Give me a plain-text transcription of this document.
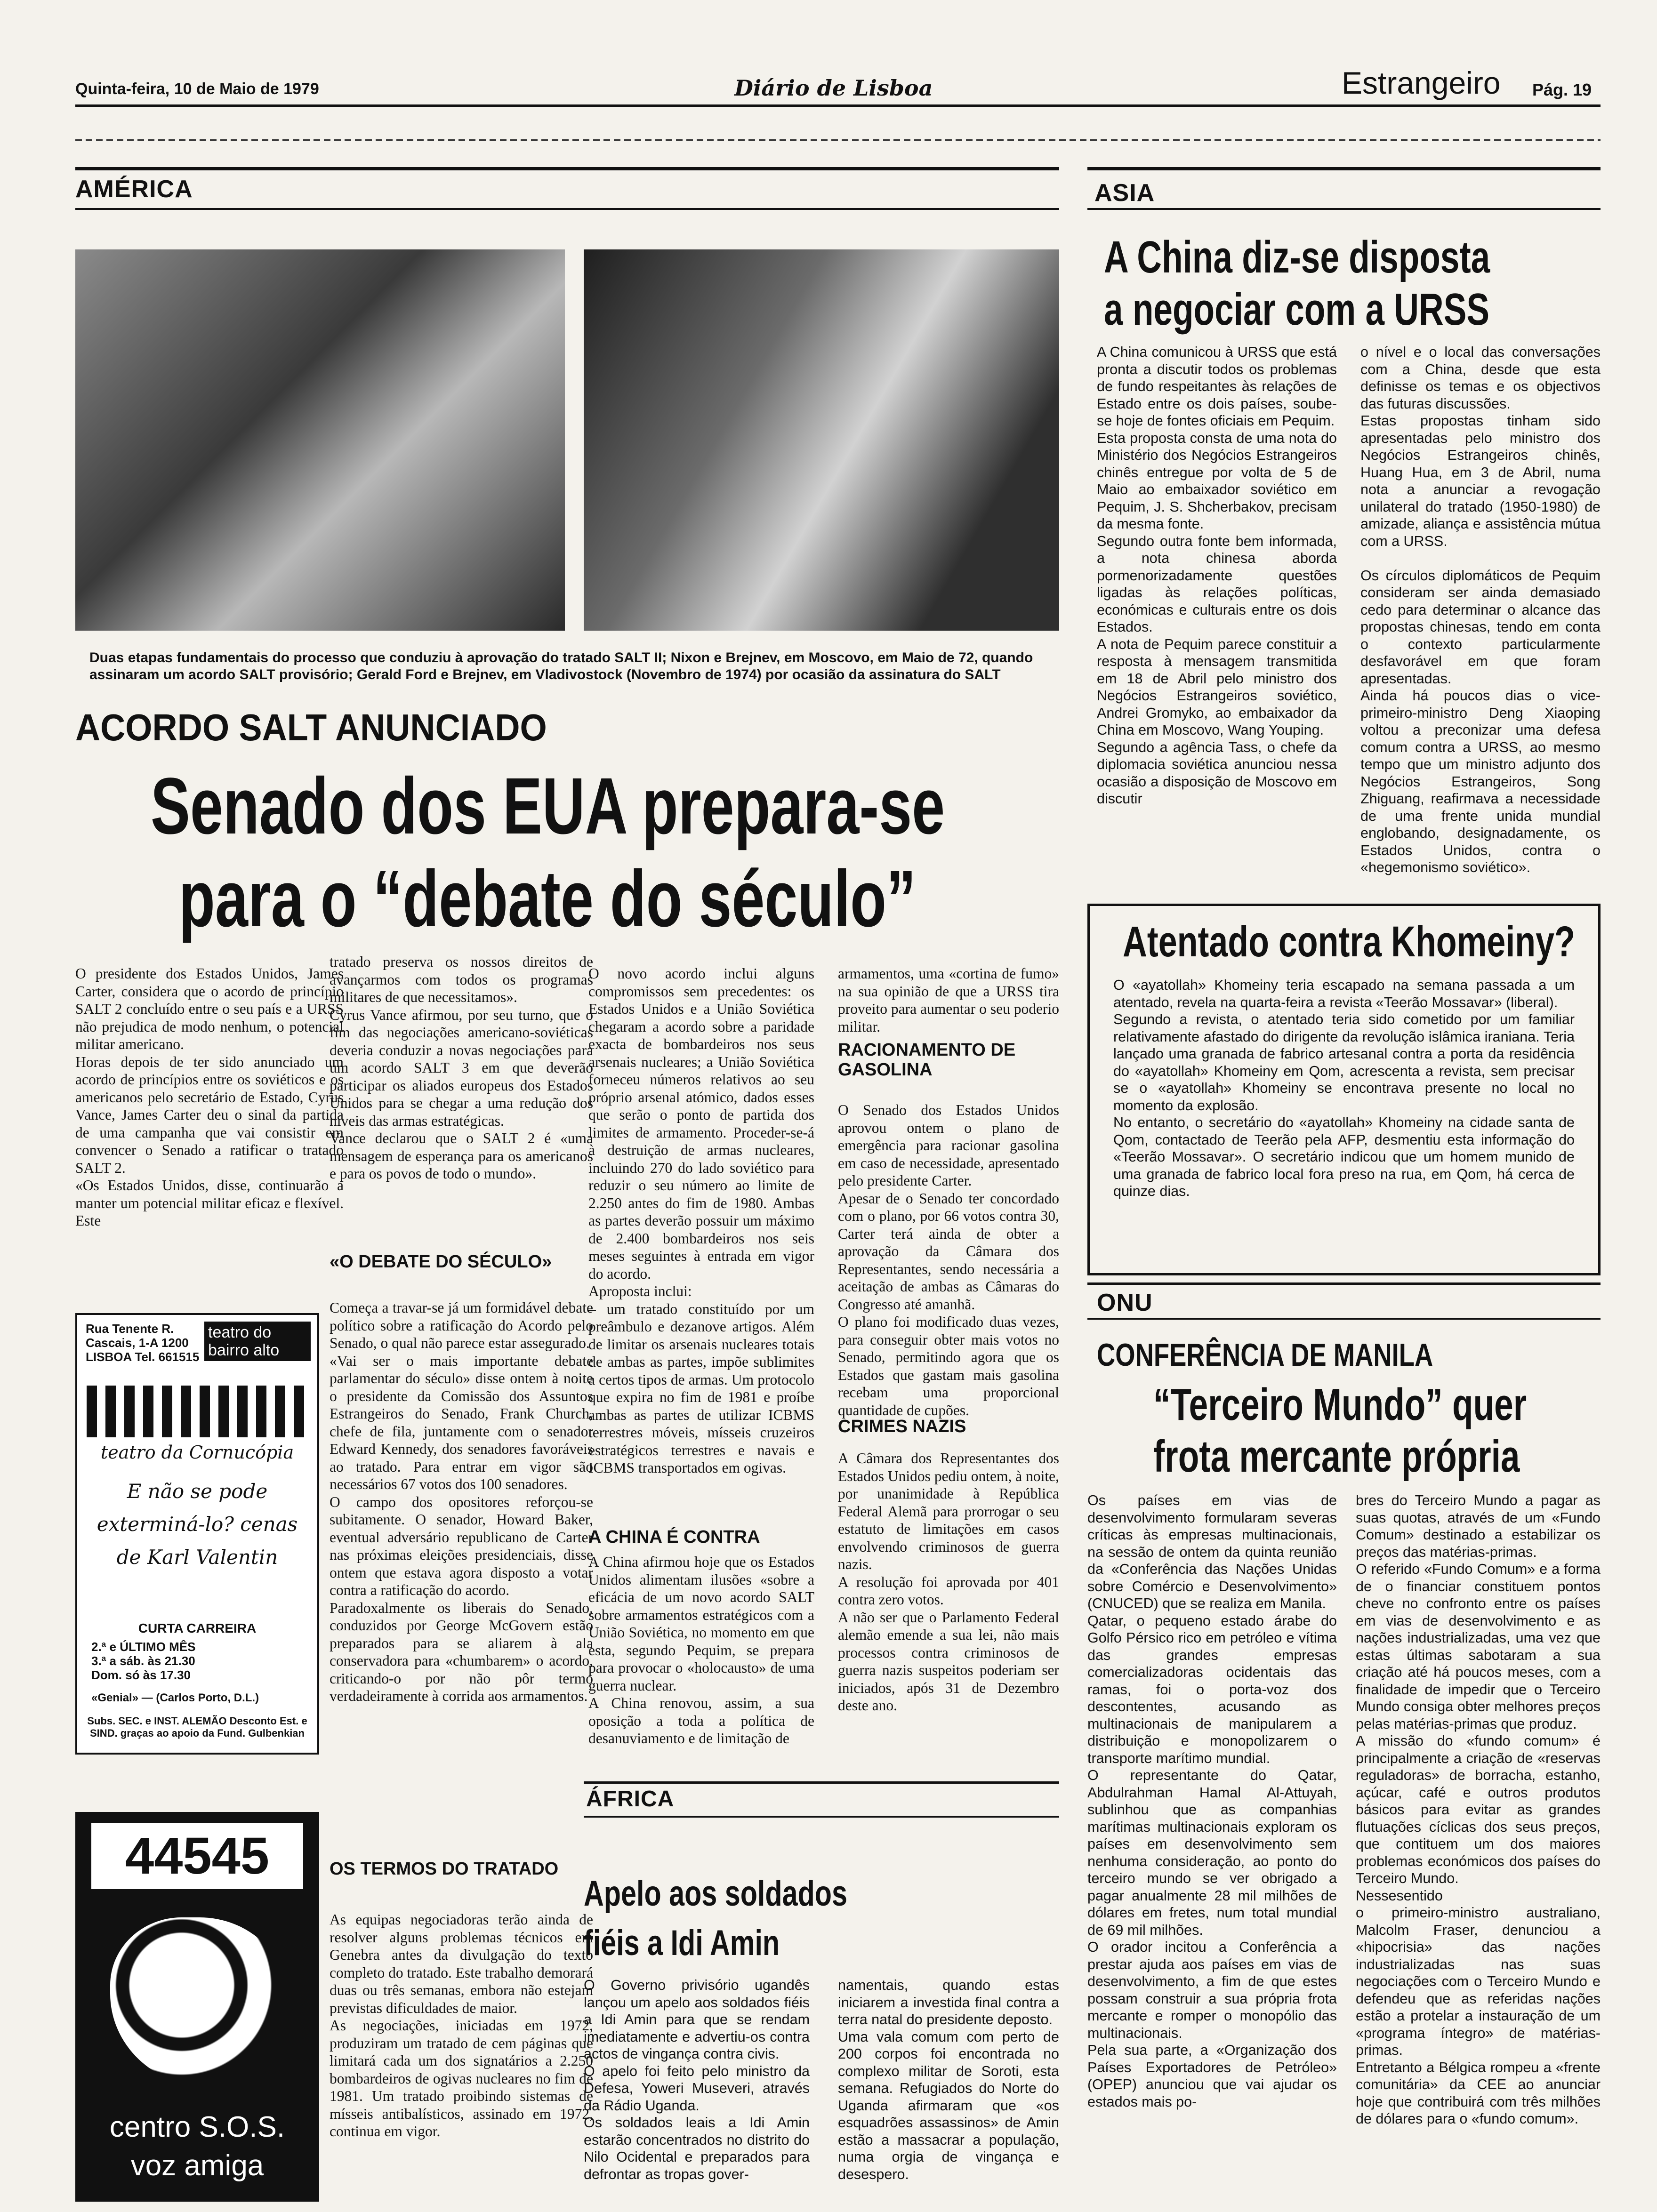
Quinta-feira, 10 de Maio de 1979	Diário de Lisboa	Estrangeiro Pág. 19
AMÉRICA
Duas etapas fundamentais do processo que conduziu à aprovação do tratado SALT II; Nixon e Brejnev, em Moscovo, em Maio de 72, quando assinaram um acordo SALT provisório; Gerald Ford e Brejnev, em Vladivostock (Novembro de 1974) por ocasião da assinatura do SALT
ACORDO SALT ANUNCIADO
Senado dos EUA prepara-se
para o “debate do século”
O presidente dos Estados Unidos, James Carter, considera que o acordo de princípio SALT 2 concluído entre o seu país e a URSS não prejudica de modo nenhum, o potencial militar americano.
Horas depois de ter sido anunciado um acordo de princípios entre os soviéticos e os americanos pelo secretário de Estado, Cyrus Vance, James Carter deu o sinal da partida de uma campanha que vai consistir em convencer o Senado a ratificar o tratado SALT 2.
«Os Estados Unidos, disse, continuarão a manter um potencial militar eficaz e flexível. Este
tratado preserva os nossos direitos de avançarmos com todos os programas militares de que necessitamos».
Cyrus Vance afirmou, por seu turno, que o fim das negociações americano-soviéticas deveria conduzir a novas negociações para um acordo SALT 3 em que deverão participar os aliados europeus dos Estados Unidos para se chegar a uma redução dos níveis das armas estratégicas.
Vance declarou que o SALT 2 é «uma mensagem de esperança para os americanos e para os povos de todo o mundo».
«O DEBATE DO SÉCULO»
Começa a travar-se já um formidável debate político sobre a ratificação do Acordo pelo Senado, o qual não parece estar assegurado.
«Vai ser o mais importante debate parlamentar do século» disse ontem à noite o presidente da Comissão dos Assuntos Estrangeiros do Senado, Frank Church, chefe de fila, juntamente com o senador Edward Kennedy, dos senadores favoráveis ao tratado. Para entrar em vigor são necessários 67 votos dos 100 senadores.
O campo dos opositores reforçou-se subitamente. O senador, Howard Baker, eventual adversário republicano de Carter nas próximas eleições presidenciais, disse ontem que estava agora disposto a votar contra a ratificação do acordo.
Paradoxalmente os liberais do Senado, conduzidos por George McGovern estão preparados para se aliarem à ala conservadora para «chumbarem» o acordo, criticando-o por não pôr termo verdadeiramente à corrida aos armamentos.
OS TERMOS DO TRATADO
As equipas negociadoras terão ainda de resolver alguns problemas técnicos em Genebra antes da divulgação do texto completo do tratado. Este trabalho demorará duas ou três semanas, embora não estejam previstas dificuldades de maior.
As negociações, iniciadas em 1972, produziram um tratado de cem páginas que limitará cada um dos signatários a 2.250 bombardeiros de ogivas nucleares no fim de 1981. Um tratado proibindo sistemas de mísseis antibalísticos, assinado em 1972, continua em vigor.
O novo acordo inclui alguns compromissos sem precedentes: os Estados Unidos e a União Soviética chegaram a acordo sobre a paridade exacta de bombardeiros nos seus arsenais nucleares; a União Soviética forneceu números relativos ao seu próprio arsenal atómico, dados esses que serão o ponto de partida dos limites de armamento. Proceder-se-á à destruição de armas nucleares, incluindo 270 do lado soviético para reduzir o seu número ao limite de 2.250 antes do fim de 1980. Ambas as partes deverão possuir um máximo de 2.400 bombardeiros nos seis meses seguintes à entrada em vigor do acordo.
Aproposta inclui:
– um tratado constituído por um preâmbulo e dezanove artigos. Além de limitar os arsenais nucleares totais de ambas as partes, impõe sublimites a certos tipos de armas. Um protocolo que expira no fim de 1981 e proíbe ambas as partes de utilizar ICBMS terrestres móveis, mísseis cruzeiros estratégicos terrestres e navais e ICBMS transportados em ogivas.
A CHINA É CONTRA
A China afirmou hoje que os Estados Unidos alimentam ilusões «sobre a eficácia de um novo acordo SALT sobre armamentos estratégicos com a União Soviética, no momento em que esta, segundo Pequim, se prepara para provocar o «holocausto» de uma guerra nuclear.
A China renovou, assim, a sua oposição a toda a política de desanuviamento e de limitação de
armamentos, uma «cortina de fumo» na sua opinião de que a URSS tira proveito para aumentar o seu poderio militar.
RACIONAMENTO DE GASOLINA
O Senado dos Estados Unidos aprovou ontem o plano de emergência para racionar gasolina em caso de necessidade, apresentado pelo presidente Carter.
Apesar de o Senado ter concordado com o plano, por 66 votos contra 30, Carter terá ainda de obter a aprovação da Câmara dos Representantes, sendo necessária a aceitação de ambas as Câmaras do Congresso até amanhã.
O plano foi modificado duas vezes, para conseguir obter mais votos no Senado, permitindo agora que os Estados que gastam mais gasolina recebam uma proporcional quantidade de cupões.
CRIMES NAZIS
A Câmara dos Representantes dos Estados Unidos pediu ontem, à noite, por unanimidade à República Federal Alemã para prorrogar o seu estatuto de limitações em casos envolvendo criminosos de guerra nazis.
A resolução foi aprovada por 401 contra zero votos.
A não ser que o Parlamento Federal alemão emende a sua lei, não mais processos contra criminosos de guerra nazis suspeitos poderiam ser iniciados, após 31 de Dezembro deste ano.
Rua Tenente R. Cascais, 1-A 1200 LISBOA Tel. 661515
teatro do bairro alto
teatro da Cornucópia
E não se pode exterminá-lo? cenas de Karl Valentin
CURTA CARREIRA
2.ª e ÚLTIMO MÊS
3.ª a sáb. às 21.30
Dom. só às 17.30
«Genial» — (Carlos Porto, D.L.)
Subs. SEC. e INST. ALEMÃO Desconto Est. e SIND. graças ao apoio da Fund. Gulbenkian
44545
centro S.O.S.
voz amiga
ASIA
A China diz-se disposta
a negociar com a URSS
A China comunicou à URSS que está pronta a discutir todos os problemas de fundo respeitantes às relações de Estado entre os dois países, soube-se hoje de fontes oficiais em Pequim.
Esta proposta consta de uma nota do Ministério dos Negócios Estrangeiros chinês entregue por volta de 5 de Maio ao embaixador soviético em Pequim, J. S. Shcherbakov, precisam da mesma fonte.
Segundo outra fonte bem informada, a nota chinesa aborda pormenorizadamente questões ligadas às relações políticas, económicas e culturais entre os dois Estados.
A nota de Pequim parece constituir a resposta à mensagem transmitida em 18 de Abril pelo ministro dos Negócios Estrangeiros soviético, Andrei Gromyko, ao embaixador da China em Moscovo, Wang Youping.
Segundo a agência Tass, o chefe da diplomacia soviética anunciou nessa ocasião a disposição de Moscovo em discutir
o nível e o local das conversações com a China, desde que esta definisse os temas e os objectivos das futuras discussões.
Estas propostas tinham sido apresentadas pelo ministro dos Negócios Estrangeiros chinês, Huang Hua, em 3 de Abril, numa nota a anunciar a revogação unilateral do tratado (1950-1980) de amizade, aliança e assistência mútua com a URSS.

Os círculos diplomáticos de Pequim consideram ser ainda demasiado cedo para determinar o alcance das propostas chinesas, tendo em conta o contexto particularmente desfavorável em que foram apresentadas.
Ainda há poucos dias o vice-primeiro-ministro Deng Xiaoping voltou a preconizar uma defesa comum contra a URSS, ao mesmo tempo que um ministro adjunto dos Negócios Estrangeiros, Song Zhiguang, reafirmava a necessidade de uma frente unida mundial englobando, designadamente, os Estados Unidos, contra o «hegemonismo soviético».
Atentado contra Khomeiny?
O «ayatollah» Khomeiny teria escapado na semana passada a um atentado, revela na quarta-feira a revista «Teerão Mossavar» (liberal).
Segundo a revista, o atentado teria sido cometido por um familiar relativamente afastado do dirigente da revolução islâmica iraniana. Teria lançado uma granada de fabrico artesanal contra a porta da residência do «ayatollah» Khomeiny em Qom, acrescenta a revista, sem precisar se o «ayatollah» Khomeiny se encontrava presente no local no momento da explosão.
No entanto, o secretário do «ayatollah» Khomeiny na cidade santa de Qom, contactado de Teerão pela AFP, desmentiu esta informação do «Teerão Mossavar». O secretário indicou que um homem munido de uma granada de fabrico local fora preso na rua, em Qom, há cerca de quinze dias.
ONU
CONFERÊNCIA DE MANILA
“Terceiro Mundo” quer
frota mercante própria
Os países em vias de desenvolvimento formularam severas críticas às empresas multinacionais, na sessão de ontem da quinta reunião da «Conferência das Nações Unidas sobre Comércio e Desenvolvimento» (CNUCED) que se realiza em Manila.
Qatar, o pequeno estado árabe do Golfo Pérsico rico em petróleo e vítima das grandes empresas comercializadoras ocidentais das ramas, foi o porta-voz dos descontentes, acusando as multinacionais de manipularem a distribuição e monopolizarem o transporte marítimo mundial.
O representante do Qatar, Abdulrahman Hamal Al-Attuyah, sublinhou que as companhias marítimas multinacionais exploram os países em desenvolvimento sem nenhuma consideração, ao ponto do terceiro mundo se ver obrigado a pagar anualmente 28 mil milhões de dólares em fretes, num total mundial de 69 mil milhões.
O orador incitou a Conferência a prestar ajuda aos países em vias de desenvolvimento, a fim de que estes possam construir a sua própria frota mercante e romper o monopólio das multinacionais.
Pela sua parte, a «Organização dos Países Exportadores de Petróleo» (OPEP) anunciou que vai ajudar os estados mais po-
bres do Terceiro Mundo a pagar as suas quotas, através de um «Fundo Comum» destinado a estabilizar os preços das matérias-primas.
O referido «Fundo Comum» e a forma de o financiar constituem pontos cheve no confronto entre os países em vias de desenvolvimento e as nações industrializadas, uma vez que estas últimas sabotaram a sua criação até há poucos meses, com a finalidade de impedir que o Terceiro Mundo consiga obter melhores preços pelas matérias-primas que produz.
A missão do «fundo comum» é principalmente a criação de «reservas reguladoras» de borracha, estanho, açúcar, café e outros produtos básicos para evitar as grandes flutuações cíclicas dos seus preços, que contituem um dos maiores problemas económicos dos países do Terceiro Mundo.
Nessesentido
o primeiro-ministro australiano, Malcolm Fraser, denunciou a «hipocrisia» das nações industrializadas nas suas negociações com o Terceiro Mundo e defendeu que as referidas nações estão a protelar a instauração de um «programa íntegro» de matérias-primas.
Entretanto a Bélgica rompeu a «frente comunitária» da CEE ao anunciar hoje que contribuirá com três milhões de dólares para o «fundo comum».
ÁFRICA
Apelo aos soldados
fiéis a Idi Amin
O Governo privisório ugandês lançou um apelo aos soldados fiéis a Idi Amin para que se rendam imediatamente e advertiu-os contra actos de vingança contra civis.
O apelo foi feito pelo ministro da Defesa, Yoweri Museveri, através da Rádio Uganda.
Os soldados leais a Idi Amin estarão concentrados no distrito do Nilo Ocidental e preparados para defrontar as tropas gover-
namentais, quando estas iniciarem a investida final contra a terra natal do presidente deposto.
Uma vala comum com perto de 200 corpos foi encontrada no complexo militar de Soroti, esta semana. Refugiados do Norte do Uganda afirmaram que «os esquadrões assassinos» de Amin estão a massacrar a população, numa orgia de vingança e desespero.
